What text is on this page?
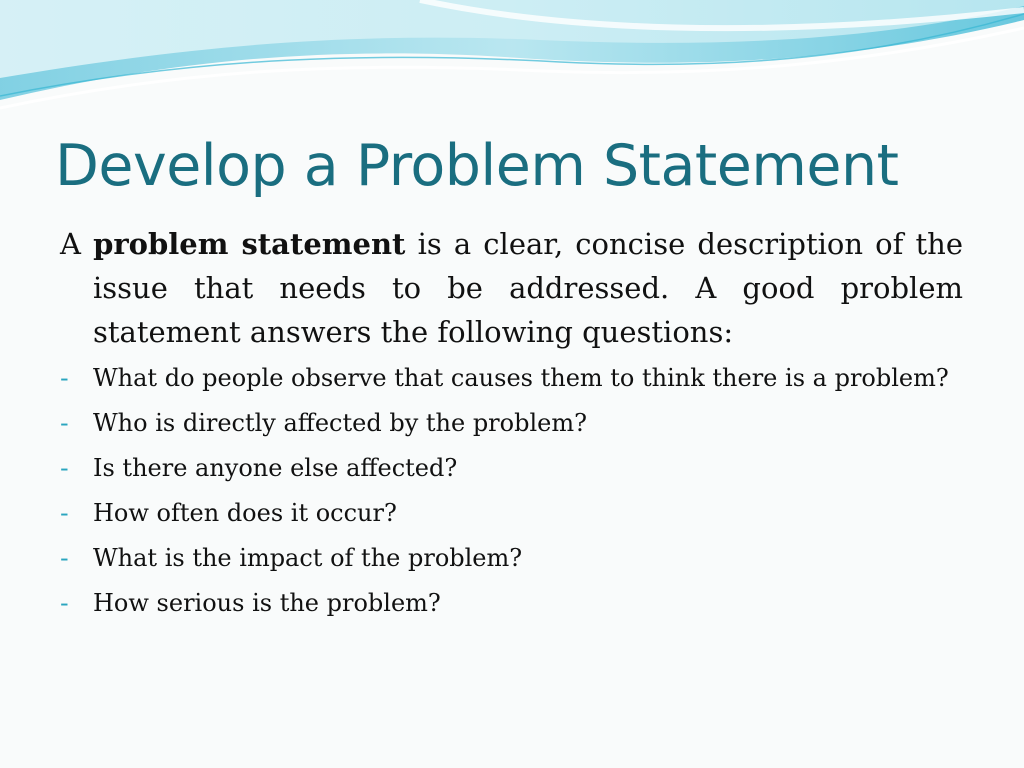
Develop a Problem Statement

A problem statement is a clear, concise description of the issue that needs to be addressed. A good problem statement answers the following questions:

- What do people observe that causes them to think there is a problem?
- Who is directly affected by the problem?
- Is there anyone else affected?
- How often does it occur?
- What is the impact of the problem?
- How serious is the problem?
